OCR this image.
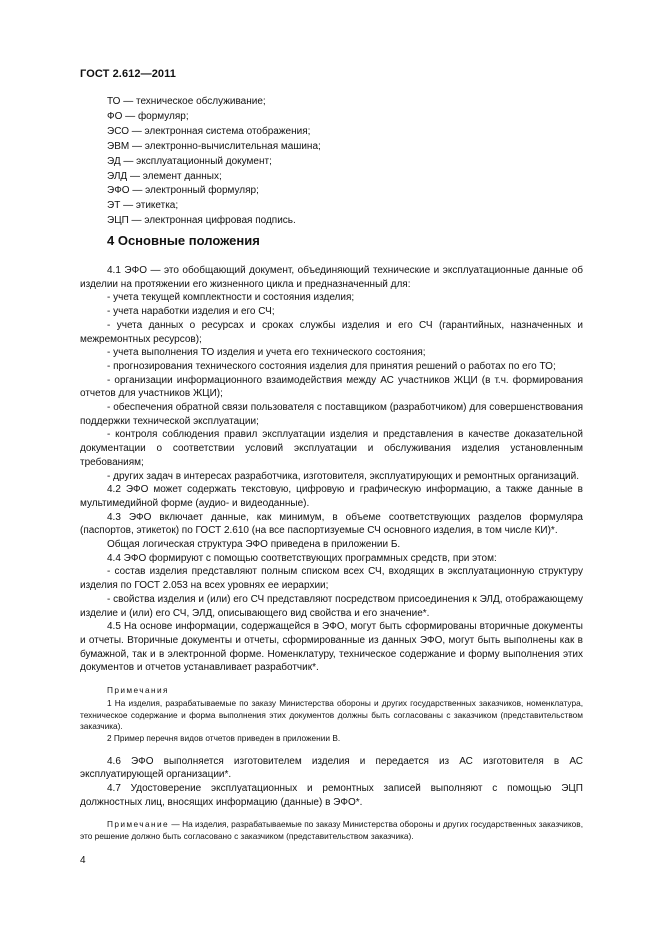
ГОСТ 2.612—2011
ТО — техническое обслуживание;
ФО — формуляр;
ЭСО — электронная система отображения;
ЭВМ — электронно-вычислительная машина;
ЭД — эксплуатационный документ;
ЭЛД — элемент данных;
ЭФО — электронный формуляр;
ЭТ — этикетка;
ЭЦП — электронная цифровая подпись.
4 Основные положения

4.1 ЭФО — это обобщающий документ, объединяющий технические и эксплуатационные данные об изделии на протяжении его жизненного цикла и предназначенный для:

- учета текущей комплектности и состояния изделия;

- учета наработки изделия и его СЧ;

- учета данных о ресурсах и сроках службы изделия и его СЧ (гарантийных, назначенных и межремонтных ресурсов);

- учета выполнения ТО изделия и учета его технического состояния;

- прогнозирования технического состояния изделия для принятия решений о работах по его ТО;

- организации информационного взаимодействия между АС участников ЖЦИ (в т.ч. формирования отчетов для участников ЖЦИ);

- обеспечения обратной связи пользователя с поставщиком (разработчиком) для совершенствования поддержки технической эксплуатации;

- контроля соблюдения правил эксплуатации изделия и представления в качестве доказательной документации о соответствии условий эксплуатации и обслуживания изделия установленным требованиям;

- других задач в интересах разработчика, изготовителя, эксплуатирующих и ремонтных организаций.

4.2 ЭФО может содержать текстовую, цифровую и графическую информацию, а также данные в мультимедийной форме (аудио- и видеоданные).

4.3 ЭФО включает данные, как минимум, в объеме соответствующих разделов формуляра (паспортов, этикеток) по ГОСТ 2.610 (на все паспортизуемые СЧ основного изделия, в том числе КИ)*.

Общая логическая структура ЭФО приведена в приложении Б.

4.4 ЭФО формируют с помощью соответствующих программных средств, при этом:

- состав изделия представляют полным списком всех СЧ, входящих в эксплуатационную структуру изделия по ГОСТ 2.053 на всех уровнях ее иерархии;

- свойства изделия и (или) его СЧ представляют посредством присоединения к ЭЛД, отображающему изделие и (или) его СЧ, ЭЛД, описывающего вид свойства и его значение*.

4.5 На основе информации, содержащейся в ЭФО, могут быть сформированы вторичные документы и отчеты. Вторичные документы и отчеты, сформированные из данных ЭФО, могут быть выполнены как в бумажной, так и в электронной форме. Номенклатуру, техническое содержание и форму выполнения этих документов и отчетов устанавливает разработчик*.

Примечания

1 На изделия, разрабатываемые по заказу Министерства обороны и других государственных заказчиков, номенклатура, техническое содержание и форма выполнения этих документов должны быть согласованы с заказчиком (представительством заказчика).

2 Пример перечня видов отчетов приведен в приложении В.

4.6 ЭФО выполняется изготовителем изделия и передается из АС изготовителя в АС эксплуатирующей организации*.

4.7 Удостоверение эксплуатационных и ремонтных записей выполняют с помощью ЭЦП должностных лиц, вносящих информацию (данные) в ЭФО*.

Примечание — На изделия, разрабатываемые по заказу Министерства обороны и других государственных заказчиков, это решение должно быть согласовано с заказчиком (представительством заказчика).

4
